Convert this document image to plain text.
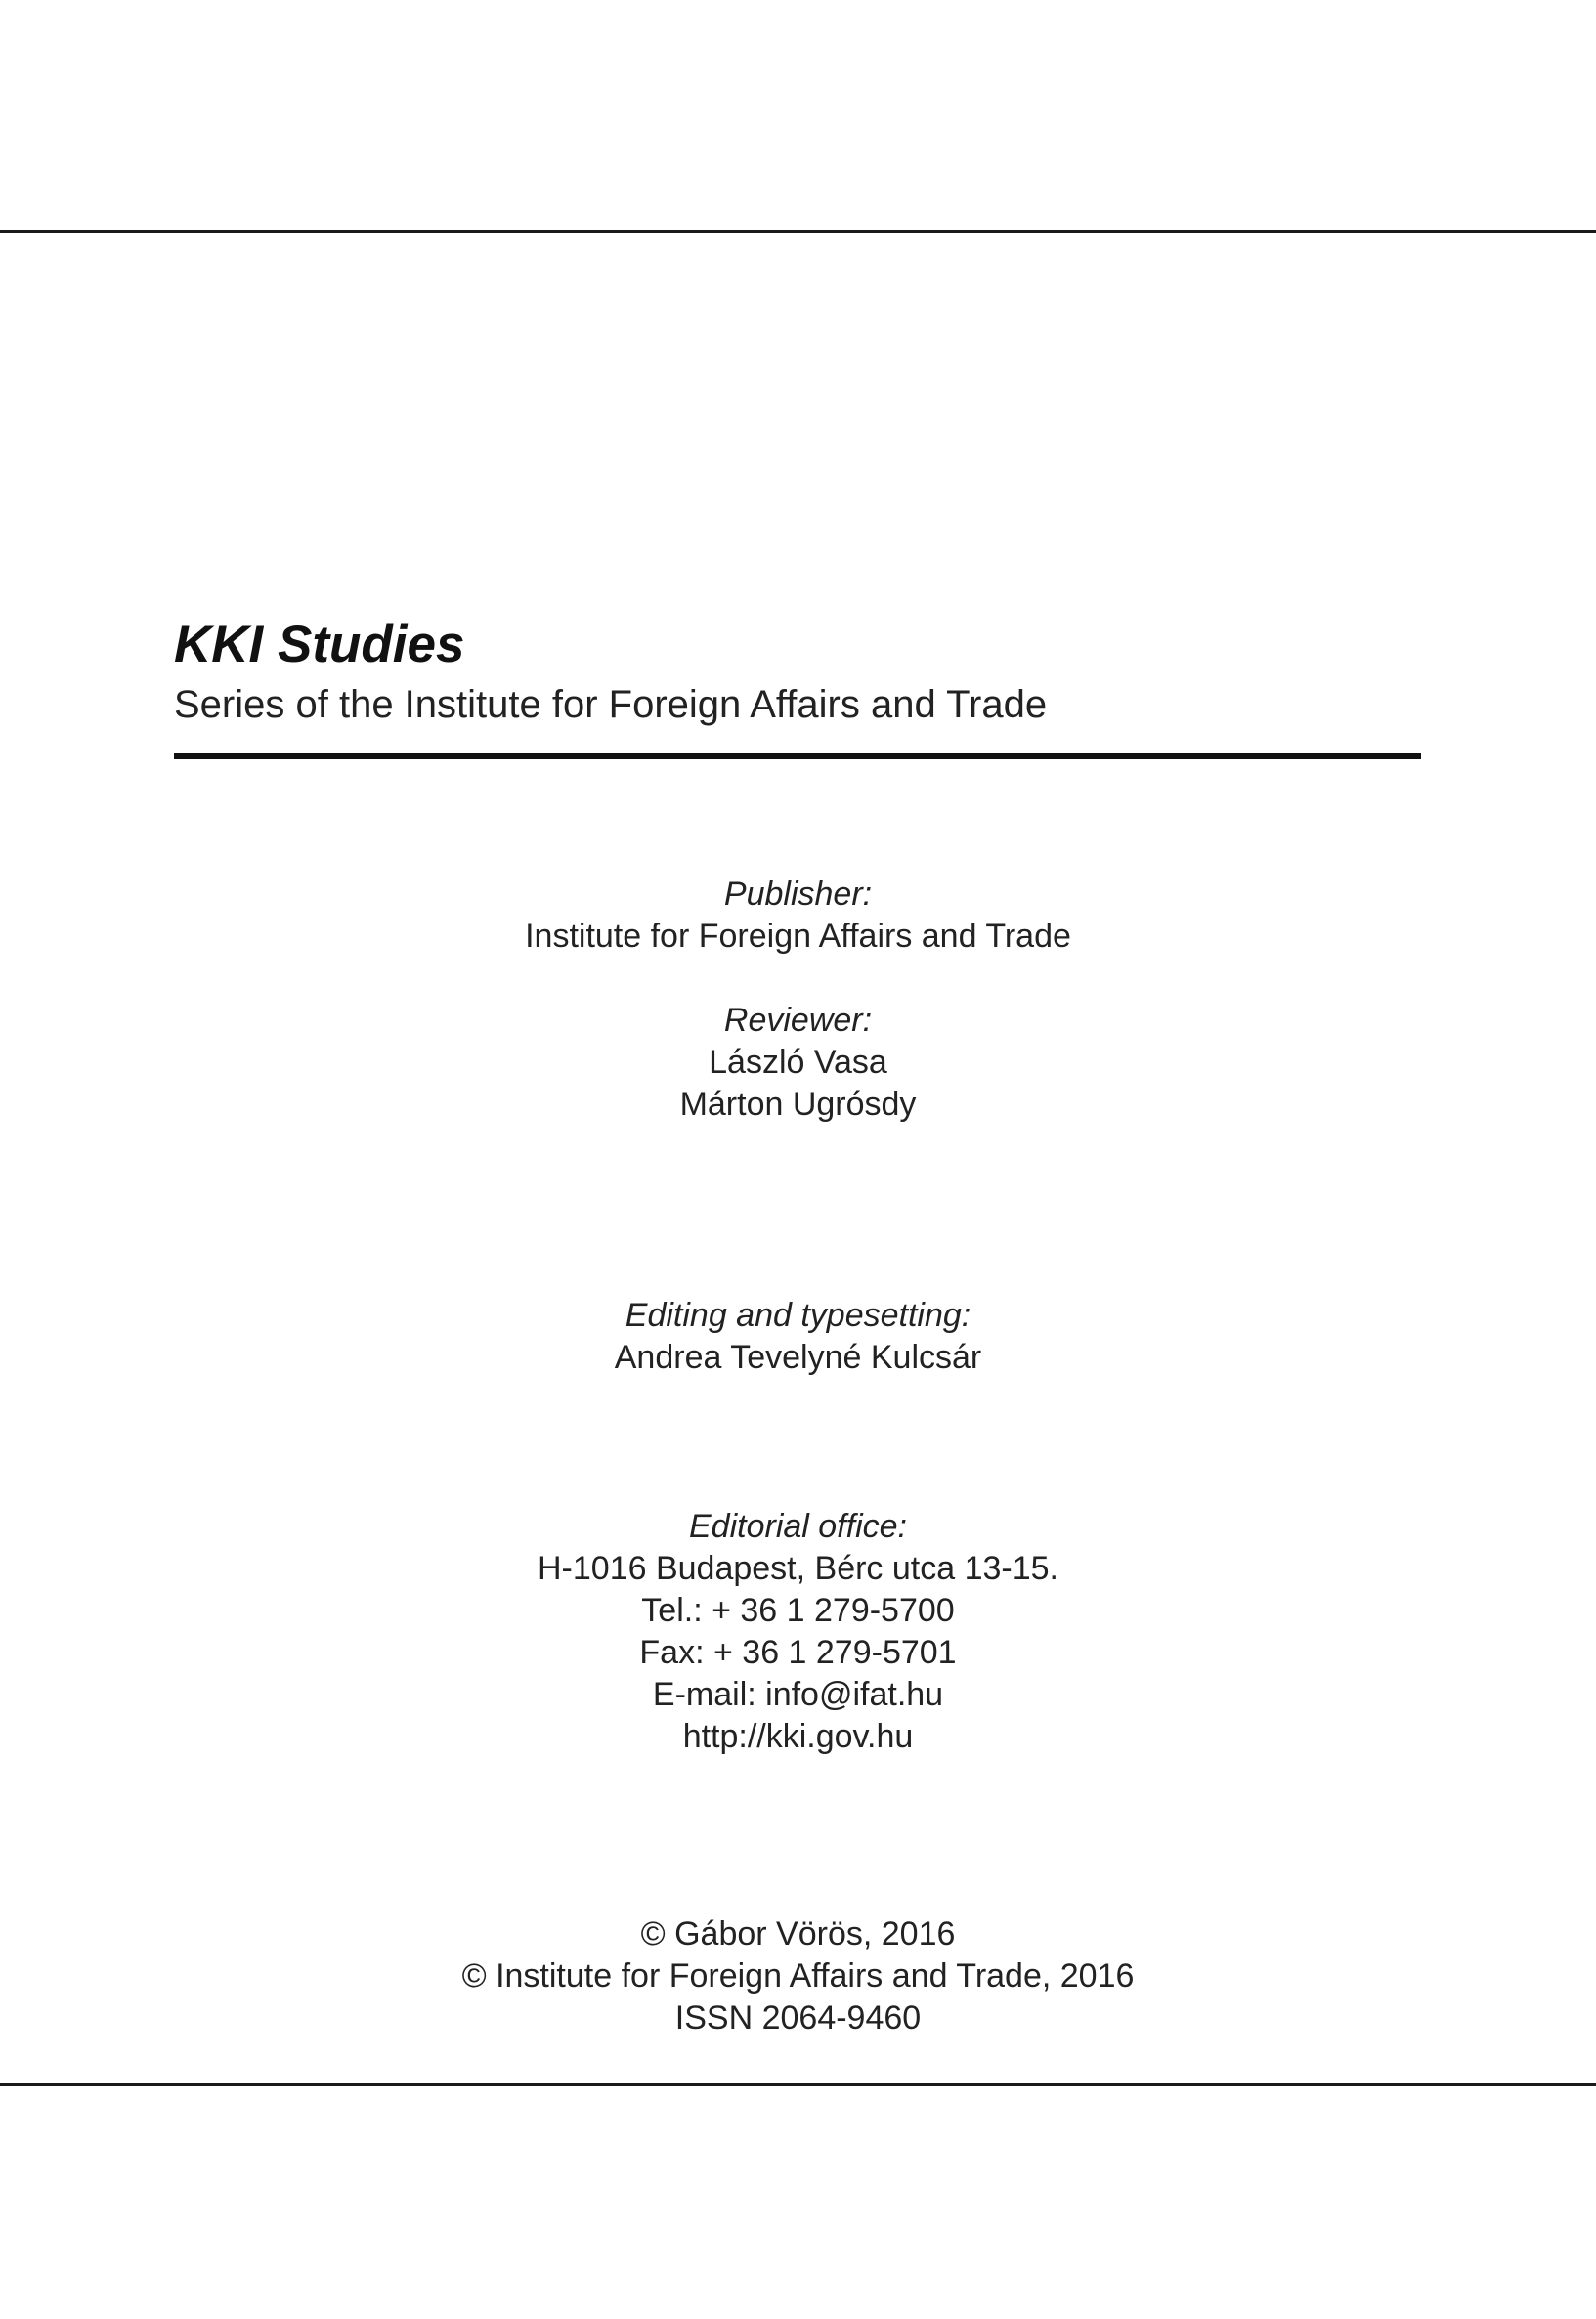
KKI Studies

Series of the Institute for Foreign Affairs and Trade

Publisher:
Institute for Foreign Affairs and Trade
Reviewer:
László Vasa
Márton Ugrósdy
Editing and typesetting:
Andrea Tevelyné Kulcsár
Editorial office:
H-1016 Budapest, Bérc utca 13-15.
Tel.: + 36 1 279-5700
Fax: + 36 1 279-5701
E-mail: info@ifat.hu
http://kki.gov.hu
© Gábor Vörös, 2016
© Institute for Foreign Affairs and Trade, 2016
ISSN 2064-9460
